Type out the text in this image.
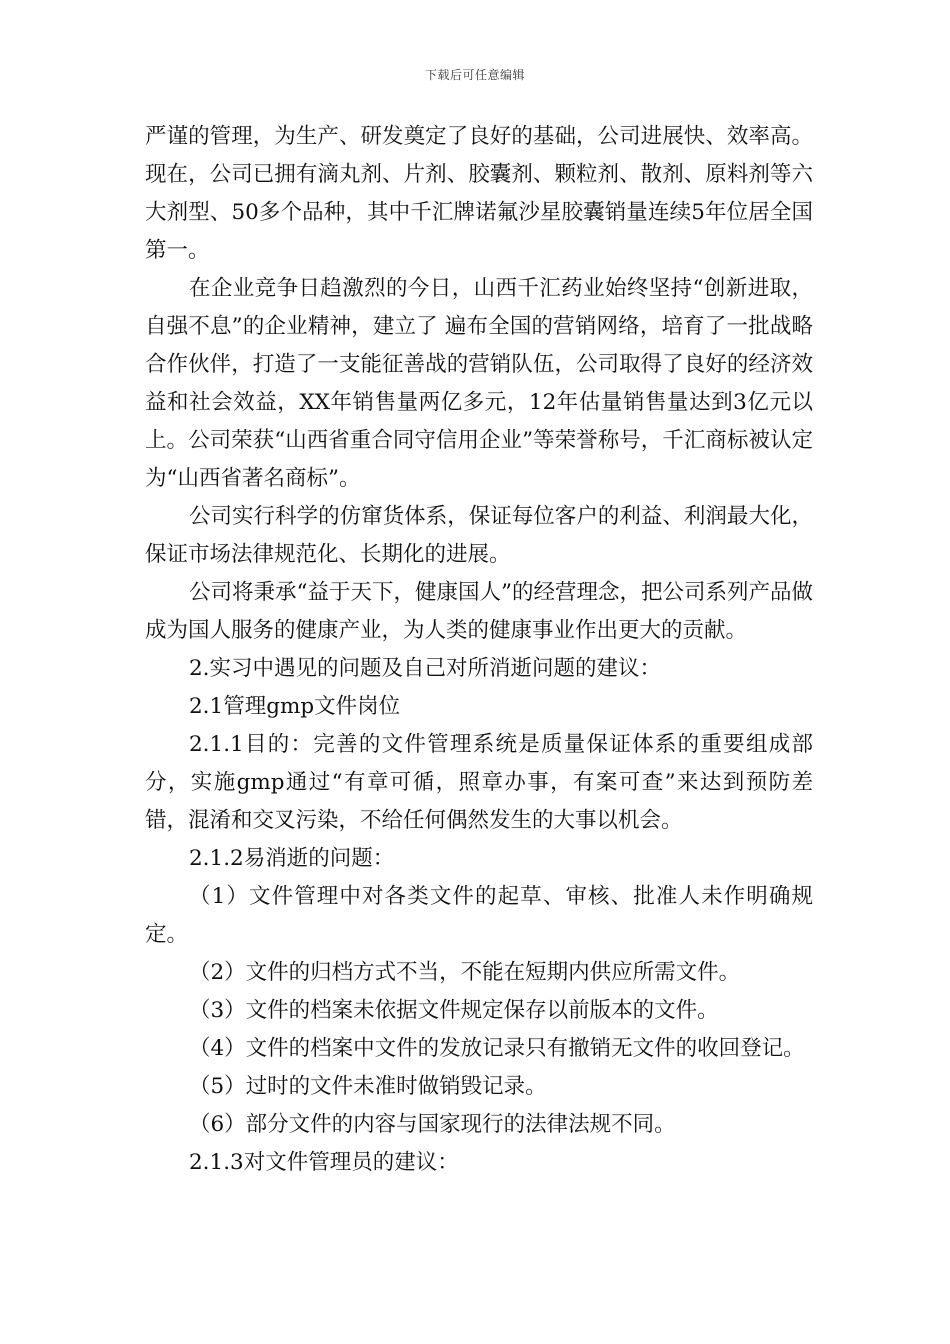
下载后可任意编辑

严谨的管理，为生产、研发奠定了良好的基础，公司进展快、效率高。现在，公司已拥有滴丸剂、片剂、胶囊剂、颗粒剂、散剂、原料剂等六大剂型、50多个品种，其中千汇牌诺氟沙星胶囊销量连续5年位居全国第一。

在企业竞争日趋激烈的今日，山西千汇药业始终坚持“创新进取，自强不息”的企业精神，建立了 遍布全国的营销网络，培育了一批战略合作伙伴，打造了一支能征善战的营销队伍，公司取得了良好的经济效益和社会效益，XX年销售量两亿多元，12年估量销售量达到3亿元以上。公司荣获“山西省重合同守信用企业”等荣誉称号，千汇商标被认定为“山西省著名商标”。

公司实行科学的仿窜货体系，保证每位客户的利益、利润最大化，保证市场法律规范化、长期化的进展。

公司将秉承“益于天下，健康国人”的经营理念，把公司系列产品做成为国人服务的健康产业，为人类的健康事业作出更大的贡献。

2.实习中遇见的问题及自己对所消逝问题的建议：

2.1管理gmp文件岗位

2.1.1目的：完善的文件管理系统是质量保证体系的重要组成部分，实施gmp通过“有章可循，照章办事，有案可查”来达到预防差错，混淆和交叉污染，不给任何偶然发生的大事以机会。

2.1.2易消逝的问题：

（1）文件管理中对各类文件的起草、审核、批准人未作明确规定。

（2）文件的归档方式不当，不能在短期内供应所需文件。

（3）文件的档案未依据文件规定保存以前版本的文件。

（4）文件的档案中文件的发放记录只有撤销无文件的收回登记。

（5）过时的文件未准时做销毁记录。

（6）部分文件的内容与国家现行的法律法规不同。

2.1.3对文件管理员的建议：
